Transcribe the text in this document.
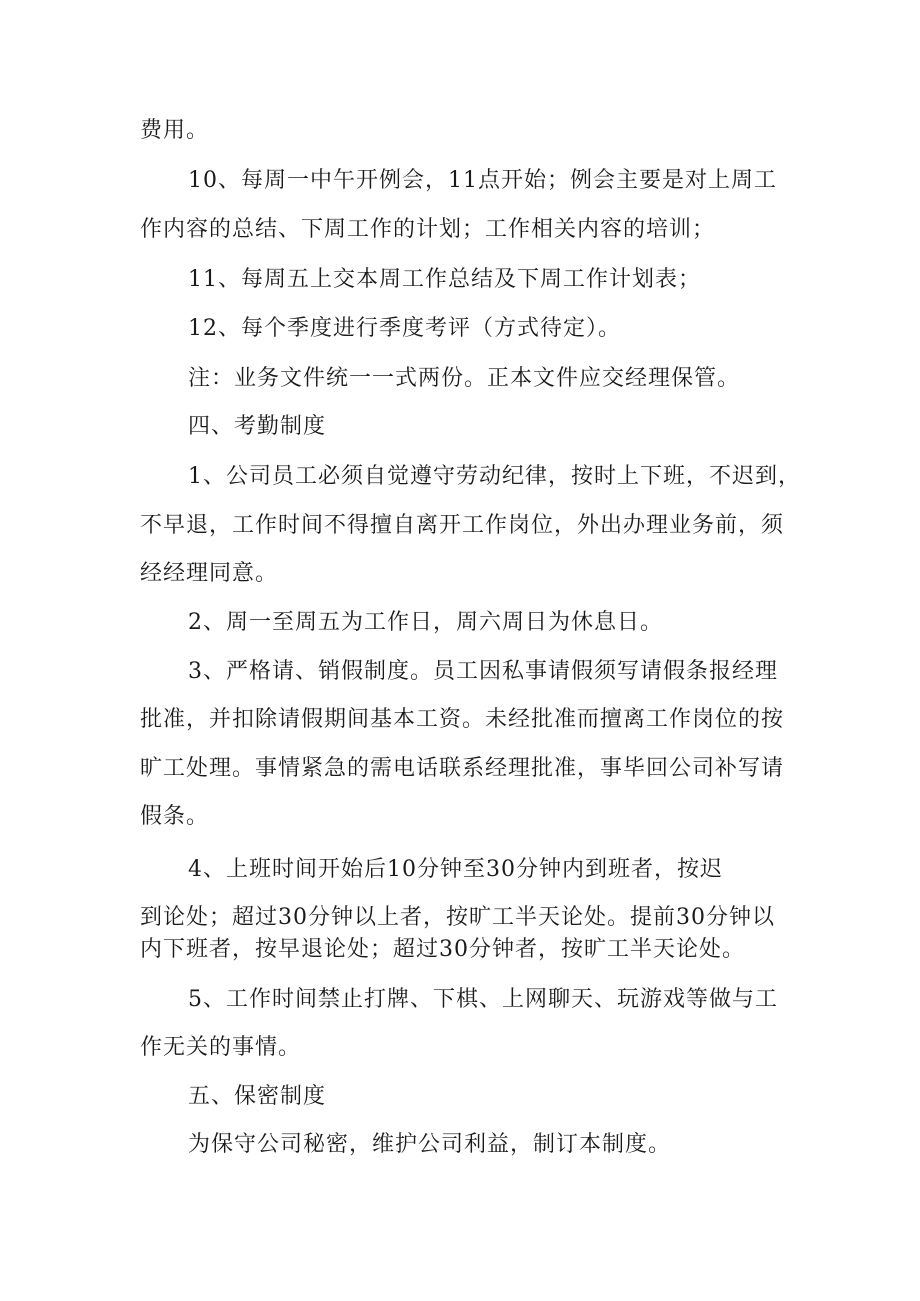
费用。
10、每周一中午开例会，11点开始；例会主要是对上周工
作内容的总结、下周工作的计划；工作相关内容的培训；
11、每周五上交本周工作总结及下周工作计划表；
12、每个季度进行季度考评（方式待定）。
注：业务文件统一一式两份。正本文件应交经理保管。
四、考勤制度
1、公司员工必须自觉遵守劳动纪律，按时上下班，不迟到，
不早退，工作时间不得擅自离开工作岗位，外出办理业务前，须
经经理同意。
2、周一至周五为工作日，周六周日为休息日。
3、严格请、销假制度。员工因私事请假须写请假条报经理
批准，并扣除请假期间基本工资。未经批准而擅离工作岗位的按
旷工处理。事情紧急的需电话联系经理批准，事毕回公司补写请
假条。
4、上班时间开始后10分钟至30分钟内到班者，按迟
到论处；超过30分钟以上者，按旷工半天论处。提前30分钟以
内下班者，按早退论处；超过30分钟者，按旷工半天论处。
5、工作时间禁止打牌、下棋、上网聊天、玩游戏等做与工
作无关的事情。
五、保密制度
为保守公司秘密，维护公司利益，制订本制度。
